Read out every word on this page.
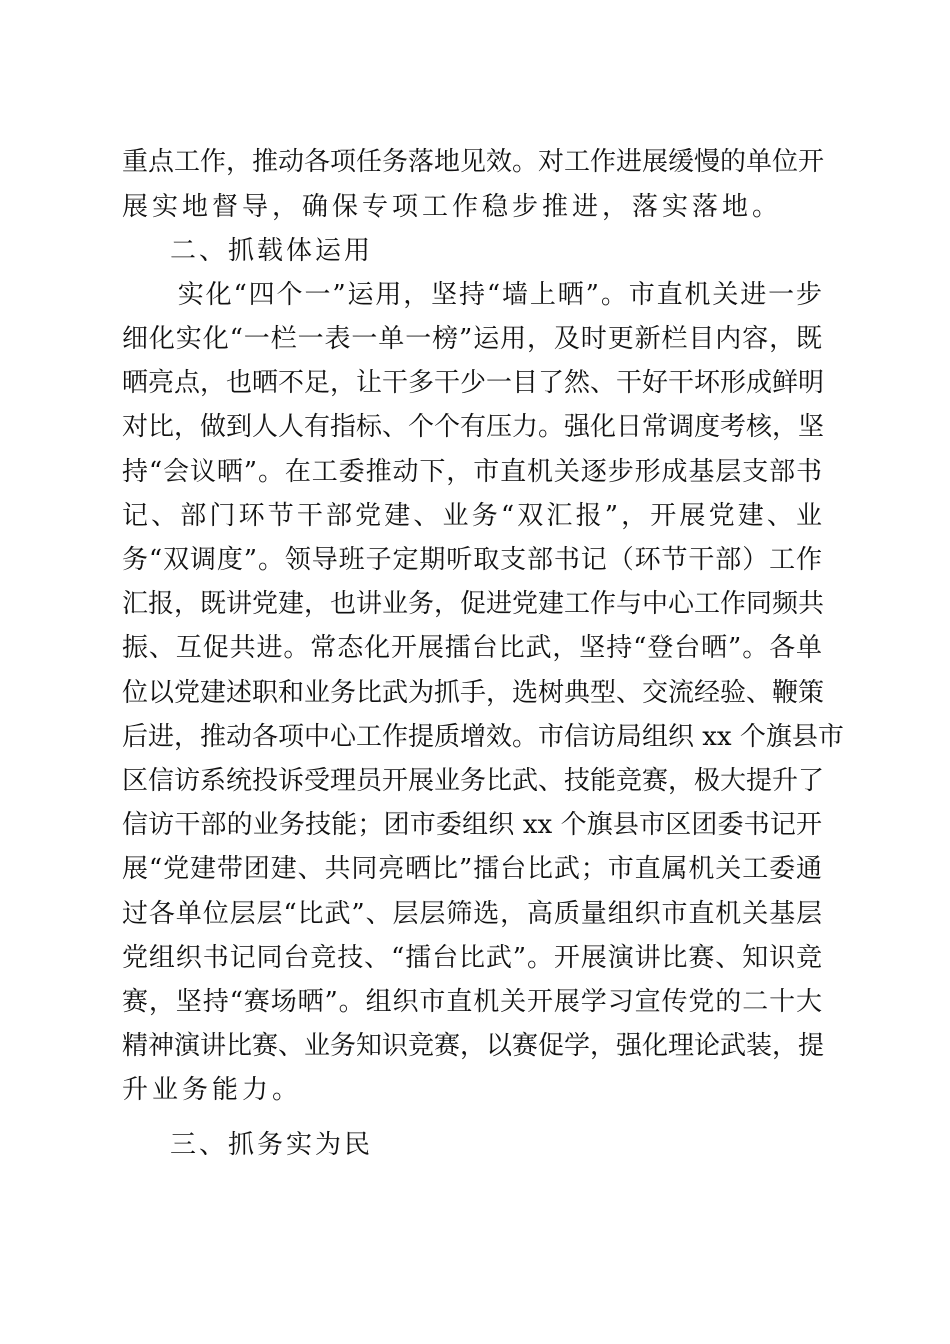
重点工作，推动各项任务落地见效。对工作进展缓慢的单位开
展实地督导，确保专项工作稳步推进，落实落地。
二、抓载体运用
　　实化“四个一”运用，坚持“墙上晒”。市直机关进一步
细化实化“一栏一表一单一榜”运用，及时更新栏目内容，既
晒亮点，也晒不足，让干多干少一目了然、干好干坏形成鲜明
对比，做到人人有指标、个个有压力。强化日常调度考核，坚
持“会议晒”。在工委推动下，市直机关逐步形成基层支部书
记、部门环节干部党建、业务“双汇报”，开展党建、业
务“双调度”。领导班子定期听取支部书记（环节干部）工作
汇报，既讲党建，也讲业务，促进党建工作与中心工作同频共
振、互促共进。常态化开展擂台比武，坚持“登台晒”。各单
位以党建述职和业务比武为抓手，选树典型、交流经验、鞭策
后进，推动各项中心工作提质增效。市信访局组织 xx 个旗县市
区信访系统投诉受理员开展业务比武、技能竞赛，极大提升了
信访干部的业务技能；团市委组织 xx 个旗县市区团委书记开
展“党建带团建、共同亮晒比”擂台比武；市直属机关工委通
过各单位层层“比武”、层层筛选，高质量组织市直机关基层
党组织书记同台竞技、“擂台比武”。开展演讲比赛、知识竞
赛，坚持“赛场晒”。组织市直机关开展学习宣传党的二十大
精神演讲比赛、业务知识竞赛，以赛促学，强化理论武装，提
升业务能力。
三、抓务实为民
